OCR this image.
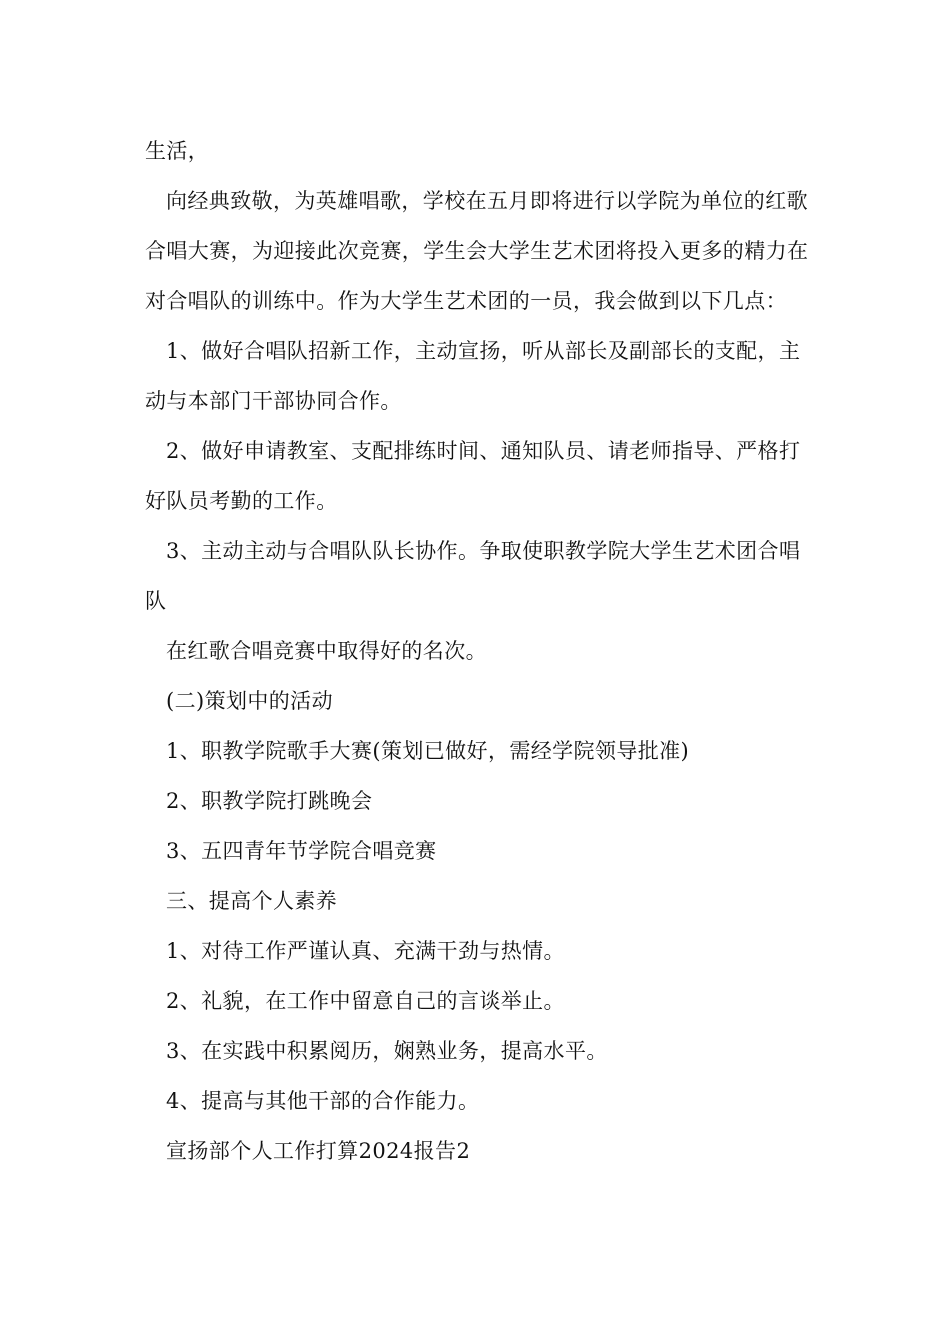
生活，

向经典致敬，为英雄唱歌，学校在五月即将进行以学院为单位的红歌合唱大赛，为迎接此次竞赛，学生会大学生艺术团将投入更多的精力在对合唱队的训练中。作为大学生艺术团的一员，我会做到以下几点：

1、做好合唱队招新工作，主动宣扬，听从部长及副部长的支配，主动与本部门干部协同合作。

2、做好申请教室、支配排练时间、通知队员、请老师指导、严格打好队员考勤的工作。

3、主动主动与合唱队队长协作。争取使职教学院大学生艺术团合唱队

在红歌合唱竞赛中取得好的名次。

(二)策划中的活动

1、职教学院歌手大赛(策划已做好，需经学院领导批准)

2、职教学院打跳晚会

3、五四青年节学院合唱竞赛

三、提高个人素养

1、对待工作严谨认真、充满干劲与热情。

2、礼貌，在工作中留意自己的言谈举止。

3、在实践中积累阅历，娴熟业务，提高水平。

4、提高与其他干部的合作能力。

宣扬部个人工作打算2024报告2
